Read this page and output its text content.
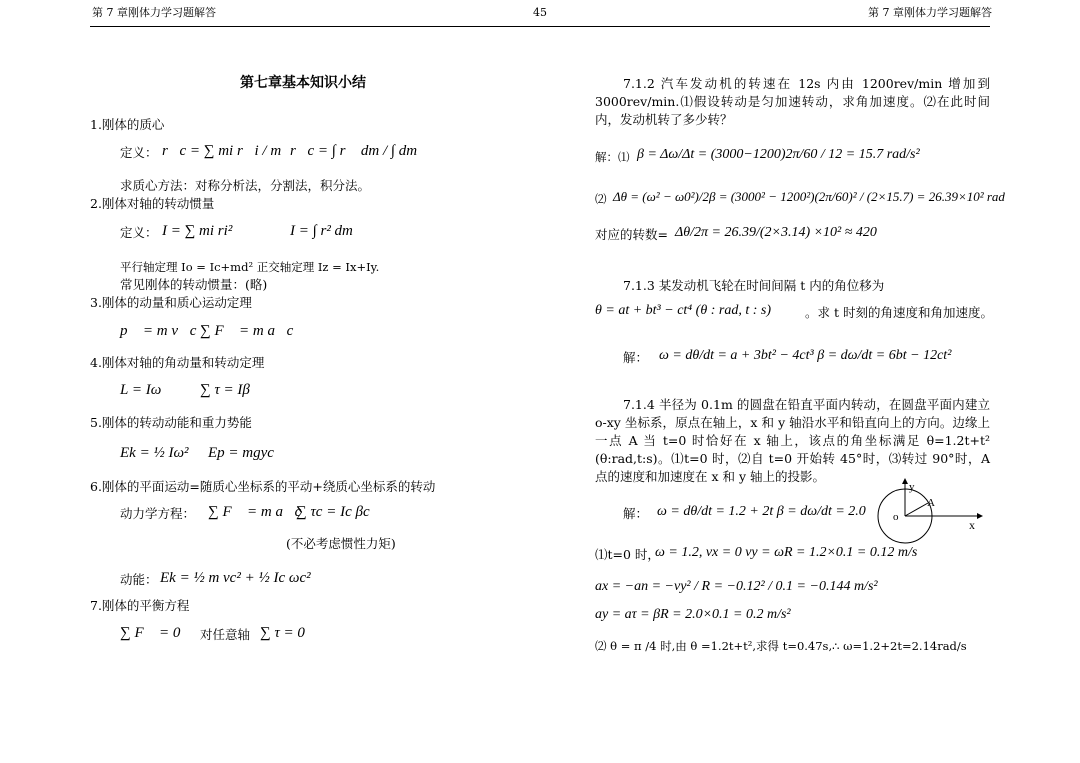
第 7 章刚体力学习题解答	45	第 7 章刚体力学习题解答
第七章基本知识小结
1.刚体的质心
定义： r⃗c = ∑ mi r⃗i / m r⃗c = ∫ r⃗ dm / ∫ dm
求质心方法：对称分析法，分割法，积分法。
2.刚体对轴的转动惯量
定义： I = ∑ mi ri²	I = ∫ r² dm
平行轴定理 Io = Ic+md² 正交轴定理 Iz = Ix+Iy.
常见刚体的转动惯量：(略)
3.刚体的动量和质心运动定理
p⃗ = m v⃗c ∑ F⃗ = m a⃗c
4.刚体对轴的角动量和转动定理
L = Iω	∑ τ = Iβ
5.刚体的转动动能和重力势能
Ek = ½ Iω² Ep = mgyc
6.刚体的平面运动=随质心坐标系的平动+绕质心坐标系的转动
动力学方程： ∑ F⃗ = m a⃗c
∑ τc = Ic βc
(不必考虑惯性力矩)
动能： Ek = ½ m vc² + ½ Ic ωc²
7.刚体的平衡方程
∑ F⃗ = 0， 对任意轴 ∑ τ = 0
7.1.2 汽车发动机的转速在 12s 内由 1200rev/min 增加到 3000rev/min.⑴假设转动是匀加速转动，求角加速度。⑵在此时间内，发动机转了多少转？
解：⑴ β = Δω/Δt = (3000−1200)2π/60 / 12 = 15.7 rad/s²
⑵ Δθ = (ω² − ω0²)/2β = (3000² − 1200²)(2π/60)² / (2×15.7) = 26.39×10² rad
对应的转数= Δθ/2π = 26.39/(2×3.14) ×10² ≈ 420
7.1.3 某发动机飞轮在时间间隔 t 内的角位移为
θ = at + bt³ − ct⁴ (θ : rad, t : s)	。求 t 时刻的角速度和角加速度。
解： ω = dθ/dt = a + 3bt² − 4ct³ β = dω/dt = 6bt − 12ct²
7.1.4 半径为 0.1m 的圆盘在铅直平面内转动，在圆盘平面内建立 o-xy 坐标系，原点在轴上，x 和 y 轴沿水平和铅直向上的方向。边缘上一点 A 当 t=0 时恰好在 x 轴上，该点的角坐标满足 θ=1.2t+t² (θ:rad,t:s)。⑴t=0 时，⑵自 t=0 开始转 45°时，⑶转过 90°时，A 点的速度和加速度在 x 和 y 轴上的投影。
解： ω = dθ/dt = 1.2 + 2t β = dω/dt = 2.0
y
x
o
A
⑴t=0 时，
ω = 1.2, vx = 0 vy = ωR = 1.2×0.1 = 0.12 m/s
ax = −an = −vy² / R = −0.12² / 0.1 = −0.144 m/s²
ay = aτ = βR = 2.0×0.1 = 0.2 m/s²
⑵ θ = π /4 时,由 θ =1.2t+t²,求得 t=0.47s,∴ ω=1.2+2t=2.14rad/s
